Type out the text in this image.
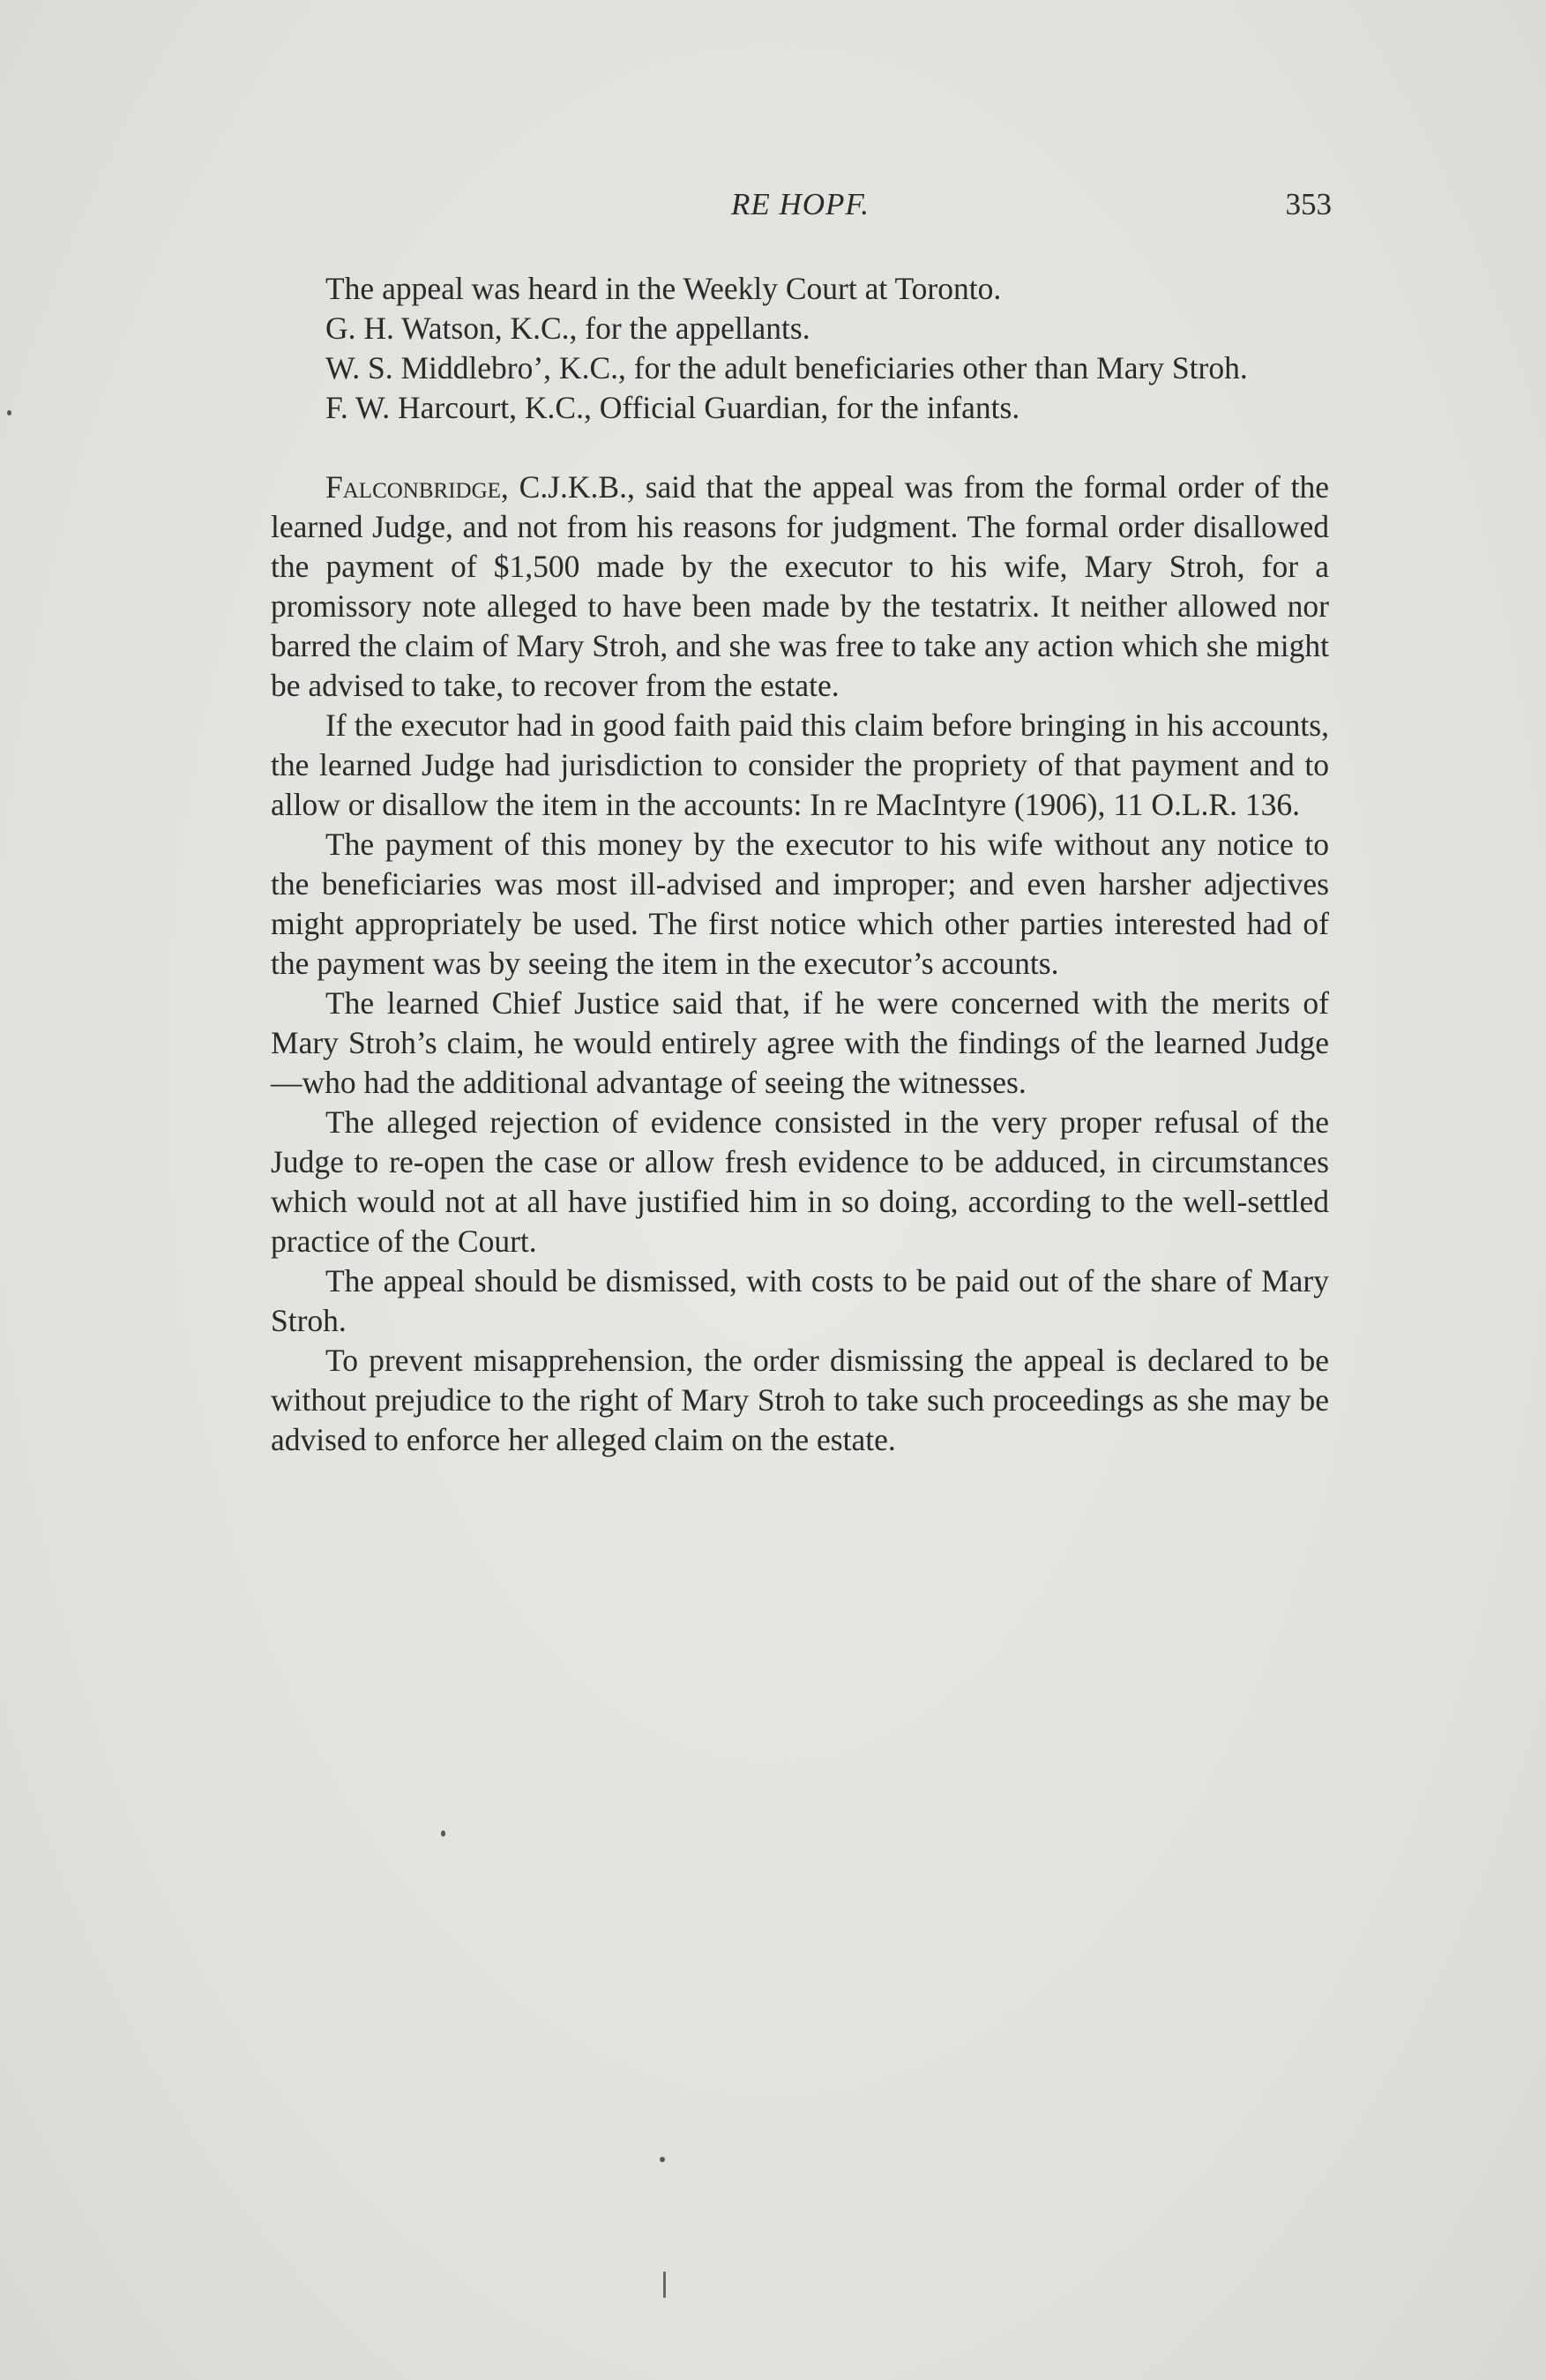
RE HOPF.	353

The appeal was heard in the Weekly Court at Toronto.

G. H. Watson, K.C., for the appellants.

W. S. Middlebro’, K.C., for the adult beneficiaries other than Mary Stroh.

F. W. Harcourt, K.C., Official Guardian, for the infants.

Falconbridge, C.J.K.B., said that the appeal was from the formal order of the learned Judge, and not from his reasons for judgment. The formal order disallowed the payment of $1,500 made by the executor to his wife, Mary Stroh, for a promissory note alleged to have been made by the testatrix. It neither allowed nor barred the claim of Mary Stroh, and she was free to take any action which she might be advised to take, to recover from the estate.

If the executor had in good faith paid this claim before bringing in his accounts, the learned Judge had jurisdiction to consider the propriety of that payment and to allow or disallow the item in the accounts: In re MacIntyre (1906), 11 O.L.R. 136.

The payment of this money by the executor to his wife without any notice to the beneficiaries was most ill-advised and improper; and even harsher adjectives might appropriately be used. The first notice which other parties interested had of the payment was by seeing the item in the executor’s accounts.

The learned Chief Justice said that, if he were concerned with the merits of Mary Stroh’s claim, he would entirely agree with the findings of the learned Judge—who had the additional advantage of seeing the witnesses.

The alleged rejection of evidence consisted in the very proper refusal of the Judge to re-open the case or allow fresh evidence to be adduced, in circumstances which would not at all have justified him in so doing, according to the well-settled practice of the Court.

The appeal should be dismissed, with costs to be paid out of the share of Mary Stroh.

To prevent misapprehension, the order dismissing the appeal is declared to be without prejudice to the right of Mary Stroh to take such proceedings as she may be advised to enforce her alleged claim on the estate.
